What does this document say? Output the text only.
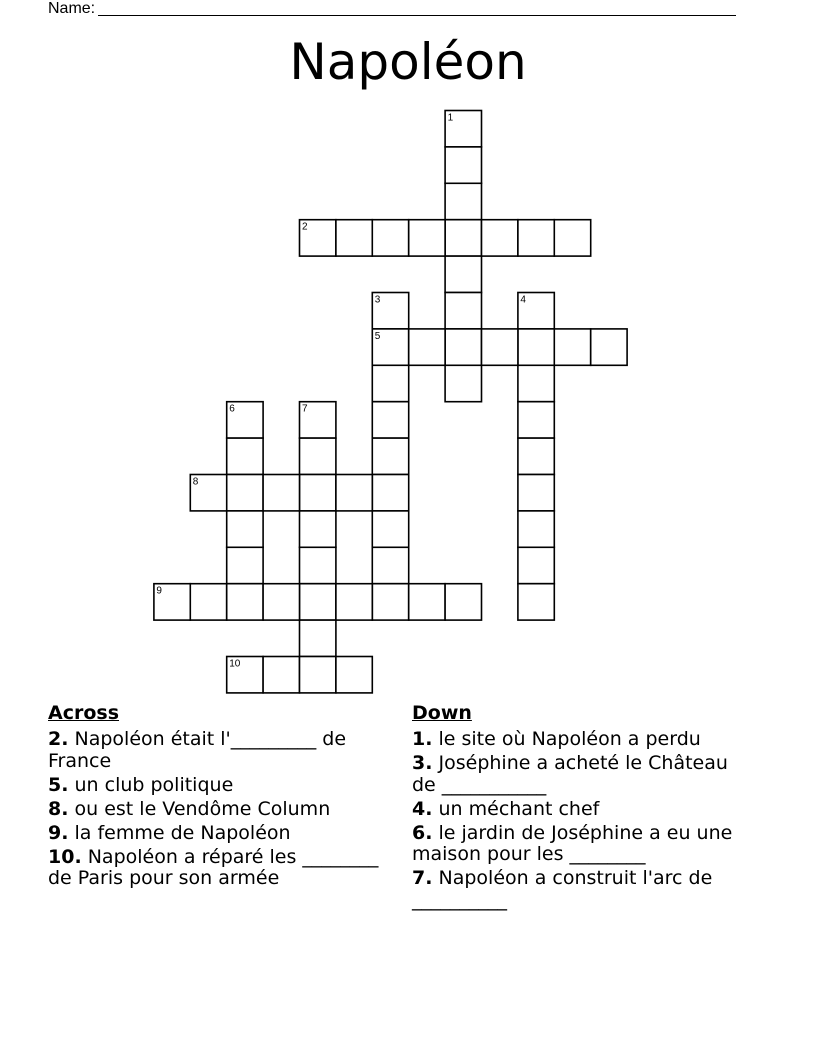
Name:
Napoléon
1
2
3	4
5
6	7
8
9
10
Across
2. Napoléon était l'_________ de France
5. un club politique
8. ou est le Vendôme Column
9. la femme de Napoléon
10. Napoléon a réparé les ________ de Paris pour son armée
Down
1. le site où Napoléon a perdu
3. Joséphine a acheté le Château de ___________
4. un méchant chef
6. le jardin de Joséphine a eu une maison pour les ________
7. Napoléon a construit l'arc de __________
